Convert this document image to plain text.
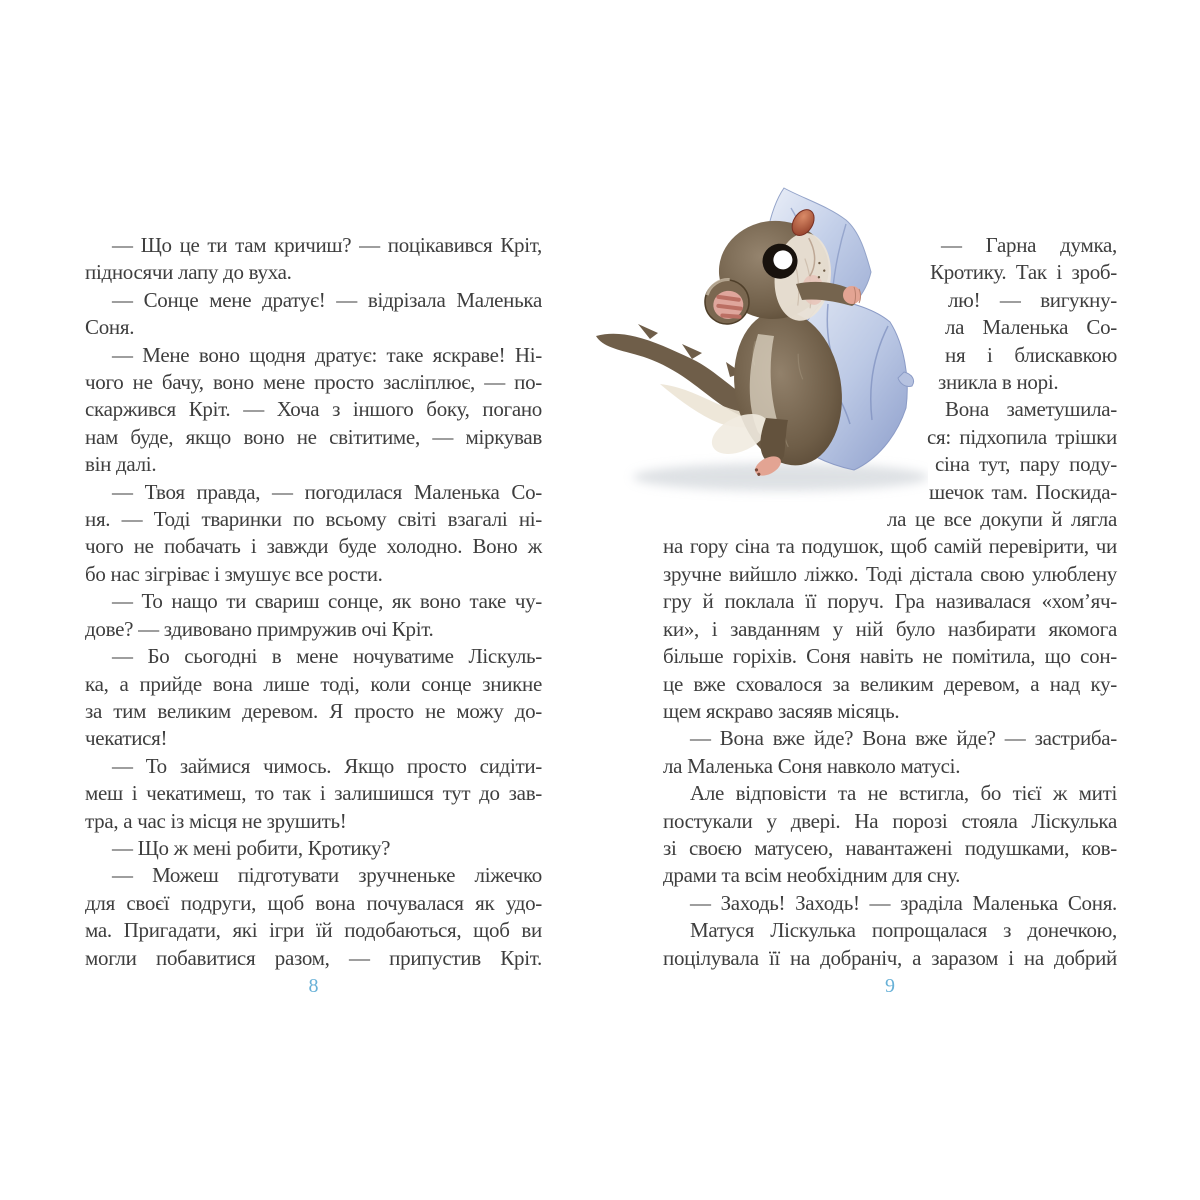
— Що це ти там кричиш? — поцікавився Кріт,
підносячи лапу до вуха.
— Сонце мене дратує! — відрізала Маленька
Соня.
— Мене воно щодня дратує: таке яскраве! Ні-
чого не бачу, воно мене просто засліплює, — по-
скаржився Кріт. — Хоча з іншого боку, погано
нам буде, якщо воно не світитиме, — міркував
він далі.
— Твоя правда, — погодилася Маленька Со-
ня. — Тоді тваринки по всьому світі взагалі ні-
чого не побачать і завжди буде холодно. Воно ж
бо нас зігріває і змушує все рости.
— То нащо ти свариш сонце, як воно таке чу-
дове? — здивовано примружив очі Кріт.
— Бо сьогодні в мене ночуватиме Ліскуль-
ка, а прийде вона лише тоді, коли сонце зникне
за тим великим деревом. Я просто не можу до-
чекатися!
— То займися чимось. Якщо просто сидіти-
меш і чекатимеш, то так і залишишся тут до зав-
тра, а час із місця не зрушить!
— Що ж мені робити, Кротику?
— Можеш підготувати зручненьке ліжечко
для своєї подруги, щоб вона почувалася як удо-
ма. Пригадати, які ігри їй подобаються, щоб ви
могли побавитися разом, — припустив Кріт.
— Гарна думка,
Кротику. Так і зроб-
лю! — вигукну-
ла Маленька Со-
ня і блискавкою
зникла в норі.
Вона заметушила-
ся: підхопила трішки
сіна тут, пару поду-
шечок там. Поскида-
ла це все докупи й лягла
на гору сіна та подушок, щоб самій перевірити, чи
зручне вийшло ліжко. Тоді дістала свою улюблену
гру й поклала її поруч. Гра називалася «хом’яч-
ки», і завданням у ній було назбирати якомога
більше горіхів. Соня навіть не помітила, що сон-
це вже сховалося за великим деревом, а над ку-
щем яскраво засяяв місяць.
— Вона вже йде? Вона вже йде? — застриба-
ла Маленька Соня навколо матусі.
Але відповісти та не встигла, бо тієї ж миті
постукали у двері. На порозі стояла Ліскулька
зі своєю матусею, навантажені подушками, ков-
драми та всім необхідним для сну.
— Заходь! Заходь! — зраділа Маленька Соня.
Матуся Ліскулька попрощалася з донечкою,
поцілувала її на добраніч, а заразом і на добрий
8	9
